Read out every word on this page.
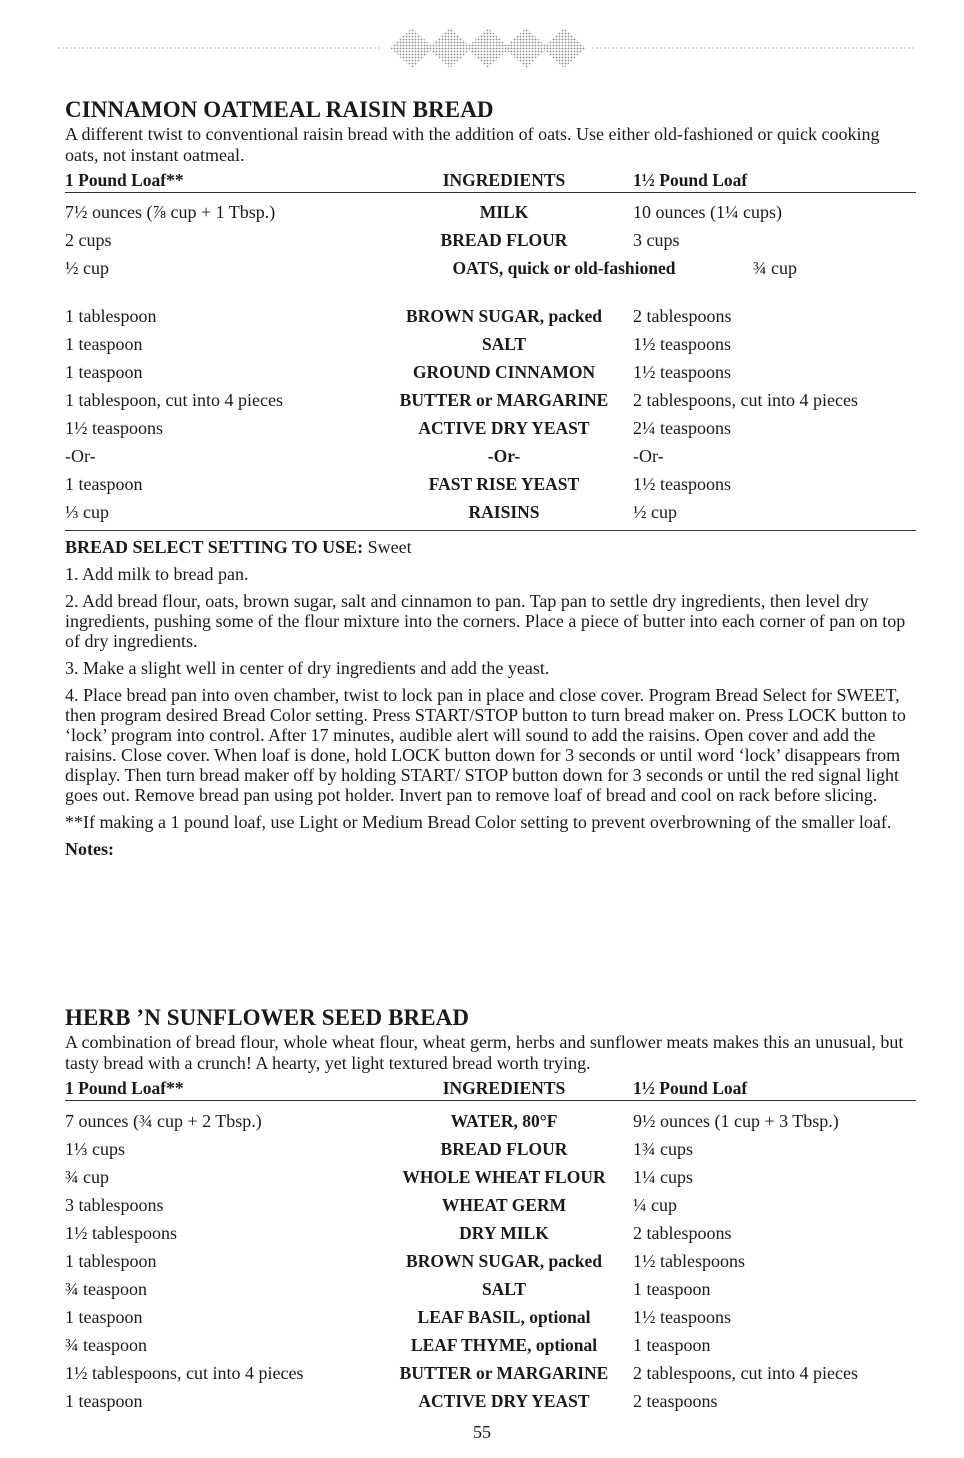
CINNAMON OATMEAL RAISIN BREAD

A different twist to conventional raisin bread with the addition of oats. Use either old-fashioned or quick cooking oats, not instant oatmeal.

1 Pound Loaf**	INGREDIENTS	1½ Pound Loaf
7½ ounces (⅞ cup + 1 Tbsp.)	MILK	10 ounces (1¼ cups)
2 cups	BREAD FLOUR	3 cups
½ cup	OATS, quick or old-fashioned	¾ cup
1 tablespoon	BROWN SUGAR, packed	2 tablespoons
1 teaspoon	SALT	1½ teaspoons
1 teaspoon	GROUND CINNAMON	1½ teaspoons
1 tablespoon, cut into 4 pieces	BUTTER or MARGARINE	2 tablespoons, cut into 4 pieces
1½ teaspoons	ACTIVE DRY YEAST	2¼ teaspoons
-Or-	-Or-	-Or-
1 teaspoon	FAST RISE YEAST	1½ teaspoons
⅓ cup	RAISINS	½ cup

BREAD SELECT SETTING TO USE: Sweet

1. Add milk to bread pan.

2. Add bread flour, oats, brown sugar, salt and cinnamon to pan. Tap pan to settle dry ingredients, then level dry ingredients, pushing some of the flour mixture into the corners. Place a piece of butter into each corner of pan on top of dry ingredients.

3. Make a slight well in center of dry ingredients and add the yeast.

4. Place bread pan into oven chamber, twist to lock pan in place and close cover. Program Bread Select for SWEET, then program desired Bread Color setting. Press START/STOP button to turn bread maker on. Press LOCK button to ‘lock’ program into control. After 17 minutes, audible alert will sound to add the raisins. Open cover and add the raisins. Close cover. When loaf is done, hold LOCK button down for 3 seconds or until word ‘lock’ disappears from display. Then turn bread maker off by holding START/ STOP button down for 3 seconds or until the red signal light goes out. Remove bread pan using pot holder. Invert pan to remove loaf of bread and cool on rack before slicing.

**If making a 1 pound loaf, use Light or Medium Bread Color setting to prevent overbrowning of the smaller loaf.

Notes:

HERB ’N SUNFLOWER SEED BREAD

A combination of bread flour, whole wheat flour, wheat germ, herbs and sunflower meats makes this an unusual, but tasty bread with a crunch! A hearty, yet light textured bread worth trying.

1 Pound Loaf**	INGREDIENTS	1½ Pound Loaf
7 ounces (¾ cup + 2 Tbsp.)	WATER, 80°F	9½ ounces (1 cup + 3 Tbsp.)
1⅓ cups	BREAD FLOUR	1¾ cups
¾ cup	WHOLE WHEAT FLOUR	1¼ cups
3 tablespoons	WHEAT GERM	¼ cup
1½ tablespoons	DRY MILK	2 tablespoons
1 tablespoon	BROWN SUGAR, packed	1½ tablespoons
¾ teaspoon	SALT	1 teaspoon
1 teaspoon	LEAF BASIL, optional	1½ teaspoons
¾ teaspoon	LEAF THYME, optional	1 teaspoon
1½ tablespoons, cut into 4 pieces	BUTTER or MARGARINE	2 tablespoons, cut into 4 pieces
1 teaspoon	ACTIVE DRY YEAST	2 teaspoons
55
